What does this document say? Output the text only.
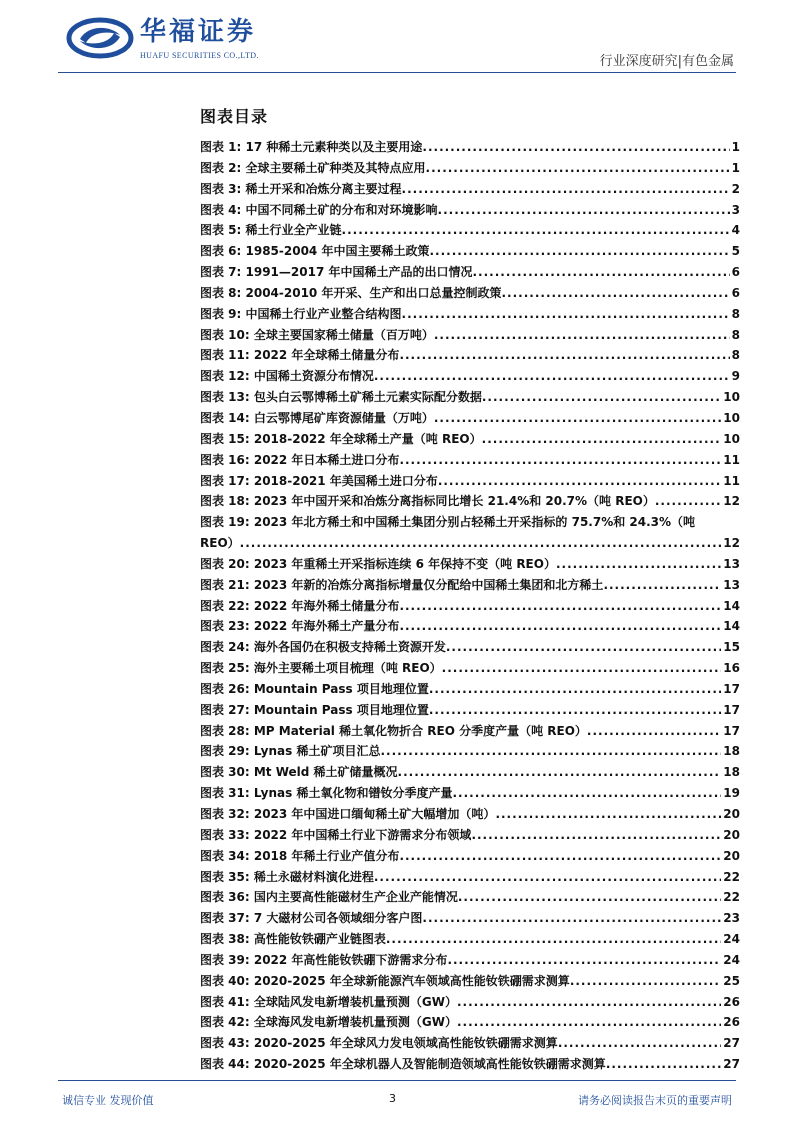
华福证券
HUAFU SECURITIES CO.,LTD.	行业深度研究|有色金属
图表目录
图表 1: 17 种稀土元素种类以及主要用途 .....	1
图表 2: 全球主要稀土矿种类及其特点应用 .....	1
图表 3: 稀土开采和冶炼分离主要过程 .....	2
图表 4: 中国不同稀土矿的分布和对环境影响 .....	3
图表 5: 稀土行业全产业链 .....	4
图表 6: 1985-2004 年中国主要稀土政策 .....	5
图表 7: 1991—2017 年中国稀土产品的出口情况 .....	6
图表 8: 2004-2010 年开采、生产和出口总量控制政策 .....	6
图表 9: 中国稀土行业产业整合结构图 .....	8
图表 10: 全球主要国家稀土储量（百万吨） .....	8
图表 11: 2022 年全球稀土储量分布 .....	8
图表 12: 中国稀土资源分布情况 .....	9
图表 13: 包头白云鄂博稀土矿稀土元素实际配分数据 .....	10
图表 14: 白云鄂博尾矿库资源储量（万吨） .....	10
图表 15: 2018-2022 年全球稀土产量（吨 REO） .....	10
图表 16: 2022 年日本稀土进口分布 .....	11
图表 17: 2018-2021 年美国稀土进口分布 .....	11
图表 18: 2023 年中国开采和冶炼分离指标同比增长 21.4%和 20.7%（吨 REO） .....	12
图表 19: 2023 年北方稀土和中国稀土集团分别占轻稀土开采指标的 75.7%和 24.3%（吨
REO） .....	12
图表 20: 2023 年重稀土开采指标连续 6 年保持不变（吨 REO） .....	13
图表 21: 2023 年新的冶炼分离指标增量仅分配给中国稀土集团和北方稀土 .....	13
图表 22: 2022 年海外稀土储量分布 .....	14
图表 23: 2022 年海外稀土产量分布 .....	14
图表 24: 海外各国仍在积极支持稀土资源开发 .....	15
图表 25: 海外主要稀土项目梳理（吨 REO） .....	16
图表 26: Mountain Pass 项目地理位置 .....	17
图表 27: Mountain Pass 项目地理位置 .....	17
图表 28: MP Material 稀土氧化物折合 REO 分季度产量（吨 REO） .....	17
图表 29: Lynas 稀土矿项目汇总 .....	18
图表 30: Mt Weld 稀土矿储量概况 .....	18
图表 31: Lynas 稀土氧化物和镨钕分季度产量 .....	19
图表 32: 2023 年中国进口缅甸稀土矿大幅增加（吨） .....	20
图表 33: 2022 年中国稀土行业下游需求分布领域 .....	20
图表 34: 2018 年稀土行业产值分布 .....	20
图表 35: 稀土永磁材料演化进程 .....	22
图表 36: 国内主要高性能磁材生产企业产能情况 .....	22
图表 37: 7 大磁材公司各领域细分客户图 .....	23
图表 38: 高性能钕铁硼产业链图表 .....	24
图表 39: 2022 年高性能钕铁硼下游需求分布 .....	24
图表 40: 2020-2025 年全球新能源汽车领域高性能钕铁硼需求测算 .....	25
图表 41: 全球陆风发电新增装机量预测（GW） .....	26
图表 42: 全球海风发电新增装机量预测（GW） .....	26
图表 43: 2020-2025 年全球风力发电领域高性能钕铁硼需求测算 .....	27
图表 44: 2020-2025 年全球机器人及智能制造领域高性能钕铁硼需求测算 .....	27
诚信专业 发现价值	3	请务必阅读报告末页的重要声明
